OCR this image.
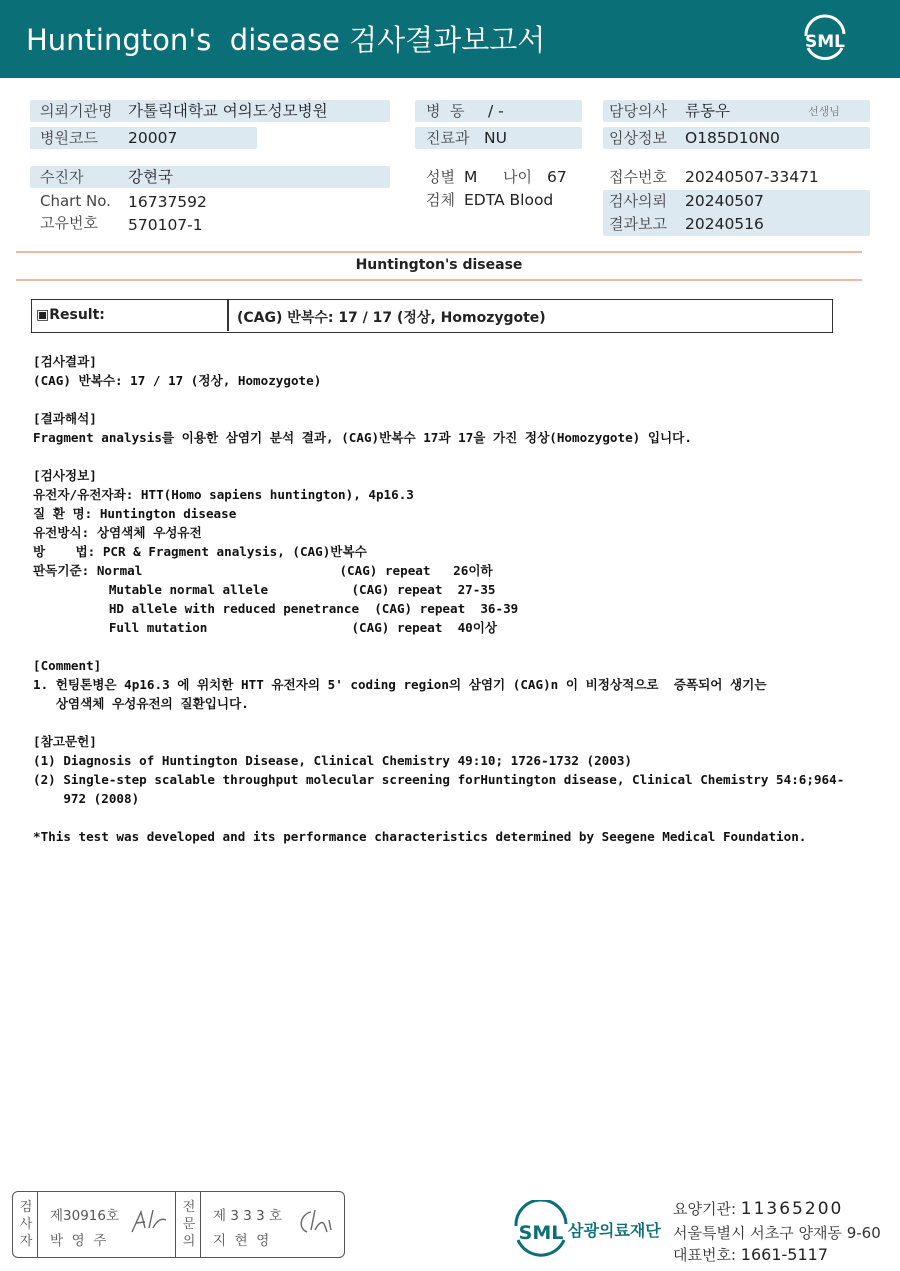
Huntington's  disease 검사결과보고서	SML
의뢰기관명 가톨릭대학교 여의도성모병원
병원코드 20007
수진자	강현국
Chart No. 16737592
고유번호 570107-1
병  동 / -
진료과 NU
성별 M 나이 67
검체 EDTA Blood
담당의사 류동우	선생님
임상정보 O185D10N0
접수번호 20240507-33471
검사의뢰 20240507
결과보고 20240516
Huntington's disease
▣Result:	(CAG) 반복수: 17 / 17 (정상, Homozygote)
[검사결과]
(CAG) 반복수: 17 / 17 (정상, Homozygote)
[결과해석]
Fragment analysis를 이용한 삼염기 분석 결과, (CAG)반복수 17과 17을 가진 정상(Homozygote) 입니다.
[검사정보]
유전자/유전자좌: HTT(Homo sapiens huntington), 4p16.3
질 환 명: Huntington disease
유전방식: 상염색체 우성유전
방    법: PCR & Fragment analysis, (CAG)반복수
판독기준: Normal                          (CAG) repeat   26이하
Mutable normal allele           (CAG) repeat  27-35
HD allele with reduced penetrance  (CAG) repeat  36-39
Full mutation                   (CAG) repeat  40이상
[Comment]
1. 헌팅톤병은 4p16.3 에 위치한 HTT 유전자의 5' coding region의 삼염기 (CAG)n 이 비정상적으로  증폭되어 생기는
상염색체 우성유전의 질환입니다.
[참고문헌]
(1) Diagnosis of Huntington Disease, Clinical Chemistry 49:10; 1726-1732 (2003)
(2) Single-step scalable throughput molecular screening forHuntington disease, Clinical Chemistry 54:6;964-
972 (2008)
*This test was developed and its performance characteristics determined by Seegene Medical Foundation.
검
사
자
제30916호
박  영  주
전
문
의
제 3 3 3 호
지  현  영	SML 삼광의료재단
요양기관: 11365200
서울특별시 서초구 양재동 9-60
대표번호: 1661-5117
